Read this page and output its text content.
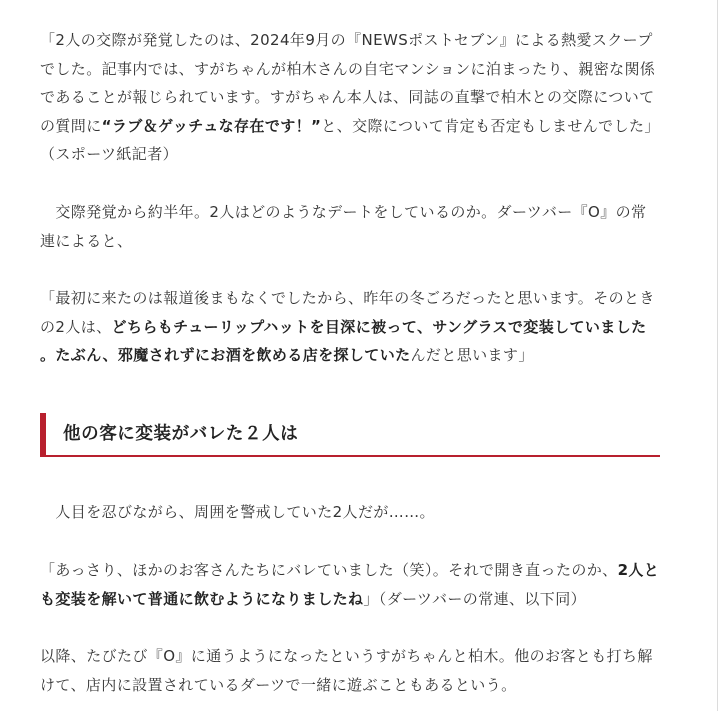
「2人の交際が発覚したのは、2024年9月の『NEWSポストセブン』による熱愛スクープでした。記事内では、すがちゃんが柏木さんの自宅マンションに泊まったり、親密な関係であることが報じられています。すがちゃん本人は、同誌の直撃で柏木との交際についての質問に“ラブ＆ゲッチュな存在です！”と、交際について肯定も否定もしませんでした」（スポーツ紙記者）

　交際発覚から約半年。2人はどのようなデートをしているのか。ダーツバー『O』の常連によると、

「最初に来たのは報道後まもなくでしたから、昨年の冬ごろだったと思います。そのときの2人は、どちらもチューリップハットを目深に被って、サングラスで変装していました。たぶん、邪魔されずにお酒を飲める店を探していたんだと思います」

他の客に変装がバレた２人は

　人目を忍びながら、周囲を警戒していた2人だが……。

「あっさり、ほかのお客さんたちにバレていました（笑）。それで開き直ったのか、2人とも変装を解いて普通に飲むようになりましたね」（ダーツバーの常連、以下同）

以降、たびたび『O』に通うようになったというすがちゃんと柏木。他のお客とも打ち解けて、店内に設置されているダーツで一緒に遊ぶこともあるという。
